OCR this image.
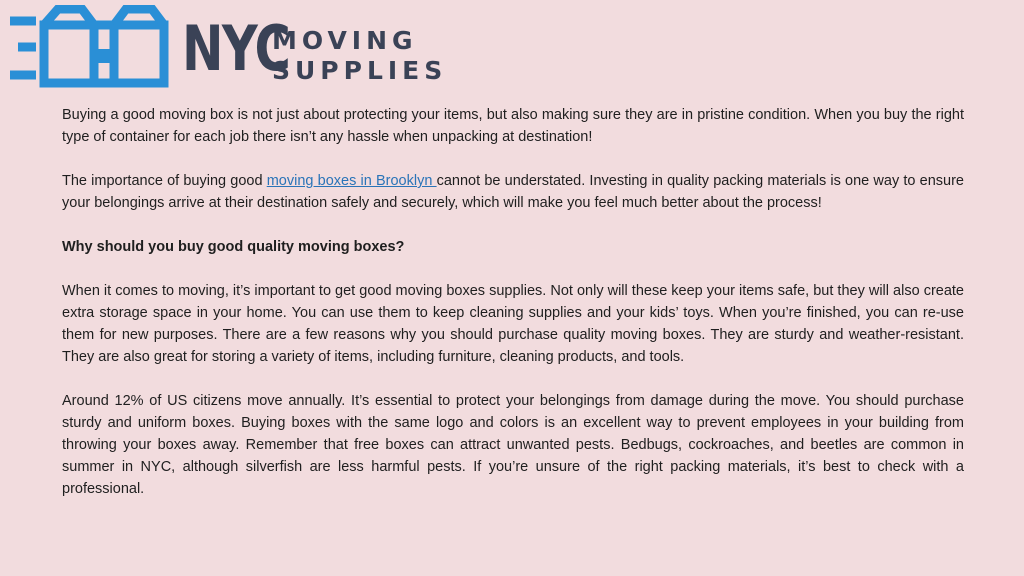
NYC
MOVING
SUPPLIES

Buying a good moving box is not just about protecting your items, but also making sure they are in pristine condition. When you buy the right type of container for each job there isn’t any hassle when unpacking at destination!

The importance of buying good moving boxes in Brooklyn cannot be understated. Investing in quality packing materials is one way to ensure your belongings arrive at their destination safely and securely, which will make you feel much better about the process!

Why should you buy good quality moving boxes?

When it comes to moving, it’s important to get good moving boxes supplies. Not only will these keep your items safe, but they will also create extra storage space in your home. You can use them to keep cleaning supplies and your kids’ toys. When you’re finished, you can re-use them for new purposes. There are a few reasons why you should purchase quality moving boxes. They are sturdy and weather-resistant. They are also great for storing a variety of items, including furniture, cleaning products, and tools.

Around 12% of US citizens move annually. It’s essential to protect your belongings from damage during the move. You should purchase sturdy and uniform boxes. Buying boxes with the same logo and colors is an excellent way to prevent employees in your building from throwing your boxes away. Remember that free boxes can attract unwanted pests. Bedbugs, cockroaches, and beetles are common in summer in NYC, although silverfish are less harmful pests. If you’re unsure of the right packing materials, it’s best to check with a professional.
